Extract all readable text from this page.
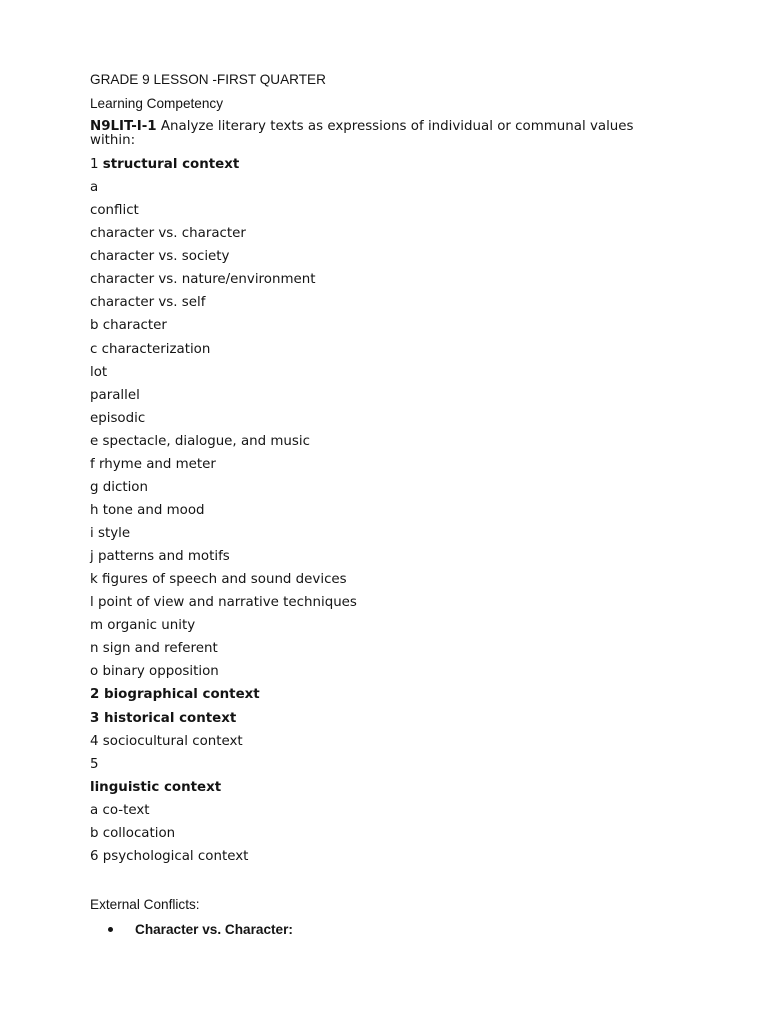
GRADE 9 LESSON -FIRST QUARTER

Learning Competency

N9LIT-I-1 Analyze literary texts as expressions of individual or communal values within:

1 structural context

a

conflict

character vs. character

character vs. society

character vs. nature/environment

character vs. self

b character

c characterization

lot

parallel

episodic

e spectacle, dialogue, and music

f rhyme and meter

g diction

h tone and mood

i style

j patterns and motifs

k figures of speech and sound devices

l point of view and narrative techniques

m organic unity

n sign and referent

o binary opposition

2 biographical context

3 historical context

4 sociocultural context

5

linguistic context

a co-text

b collocation

6 psychological context

External Conflicts:

Character vs. Character:
